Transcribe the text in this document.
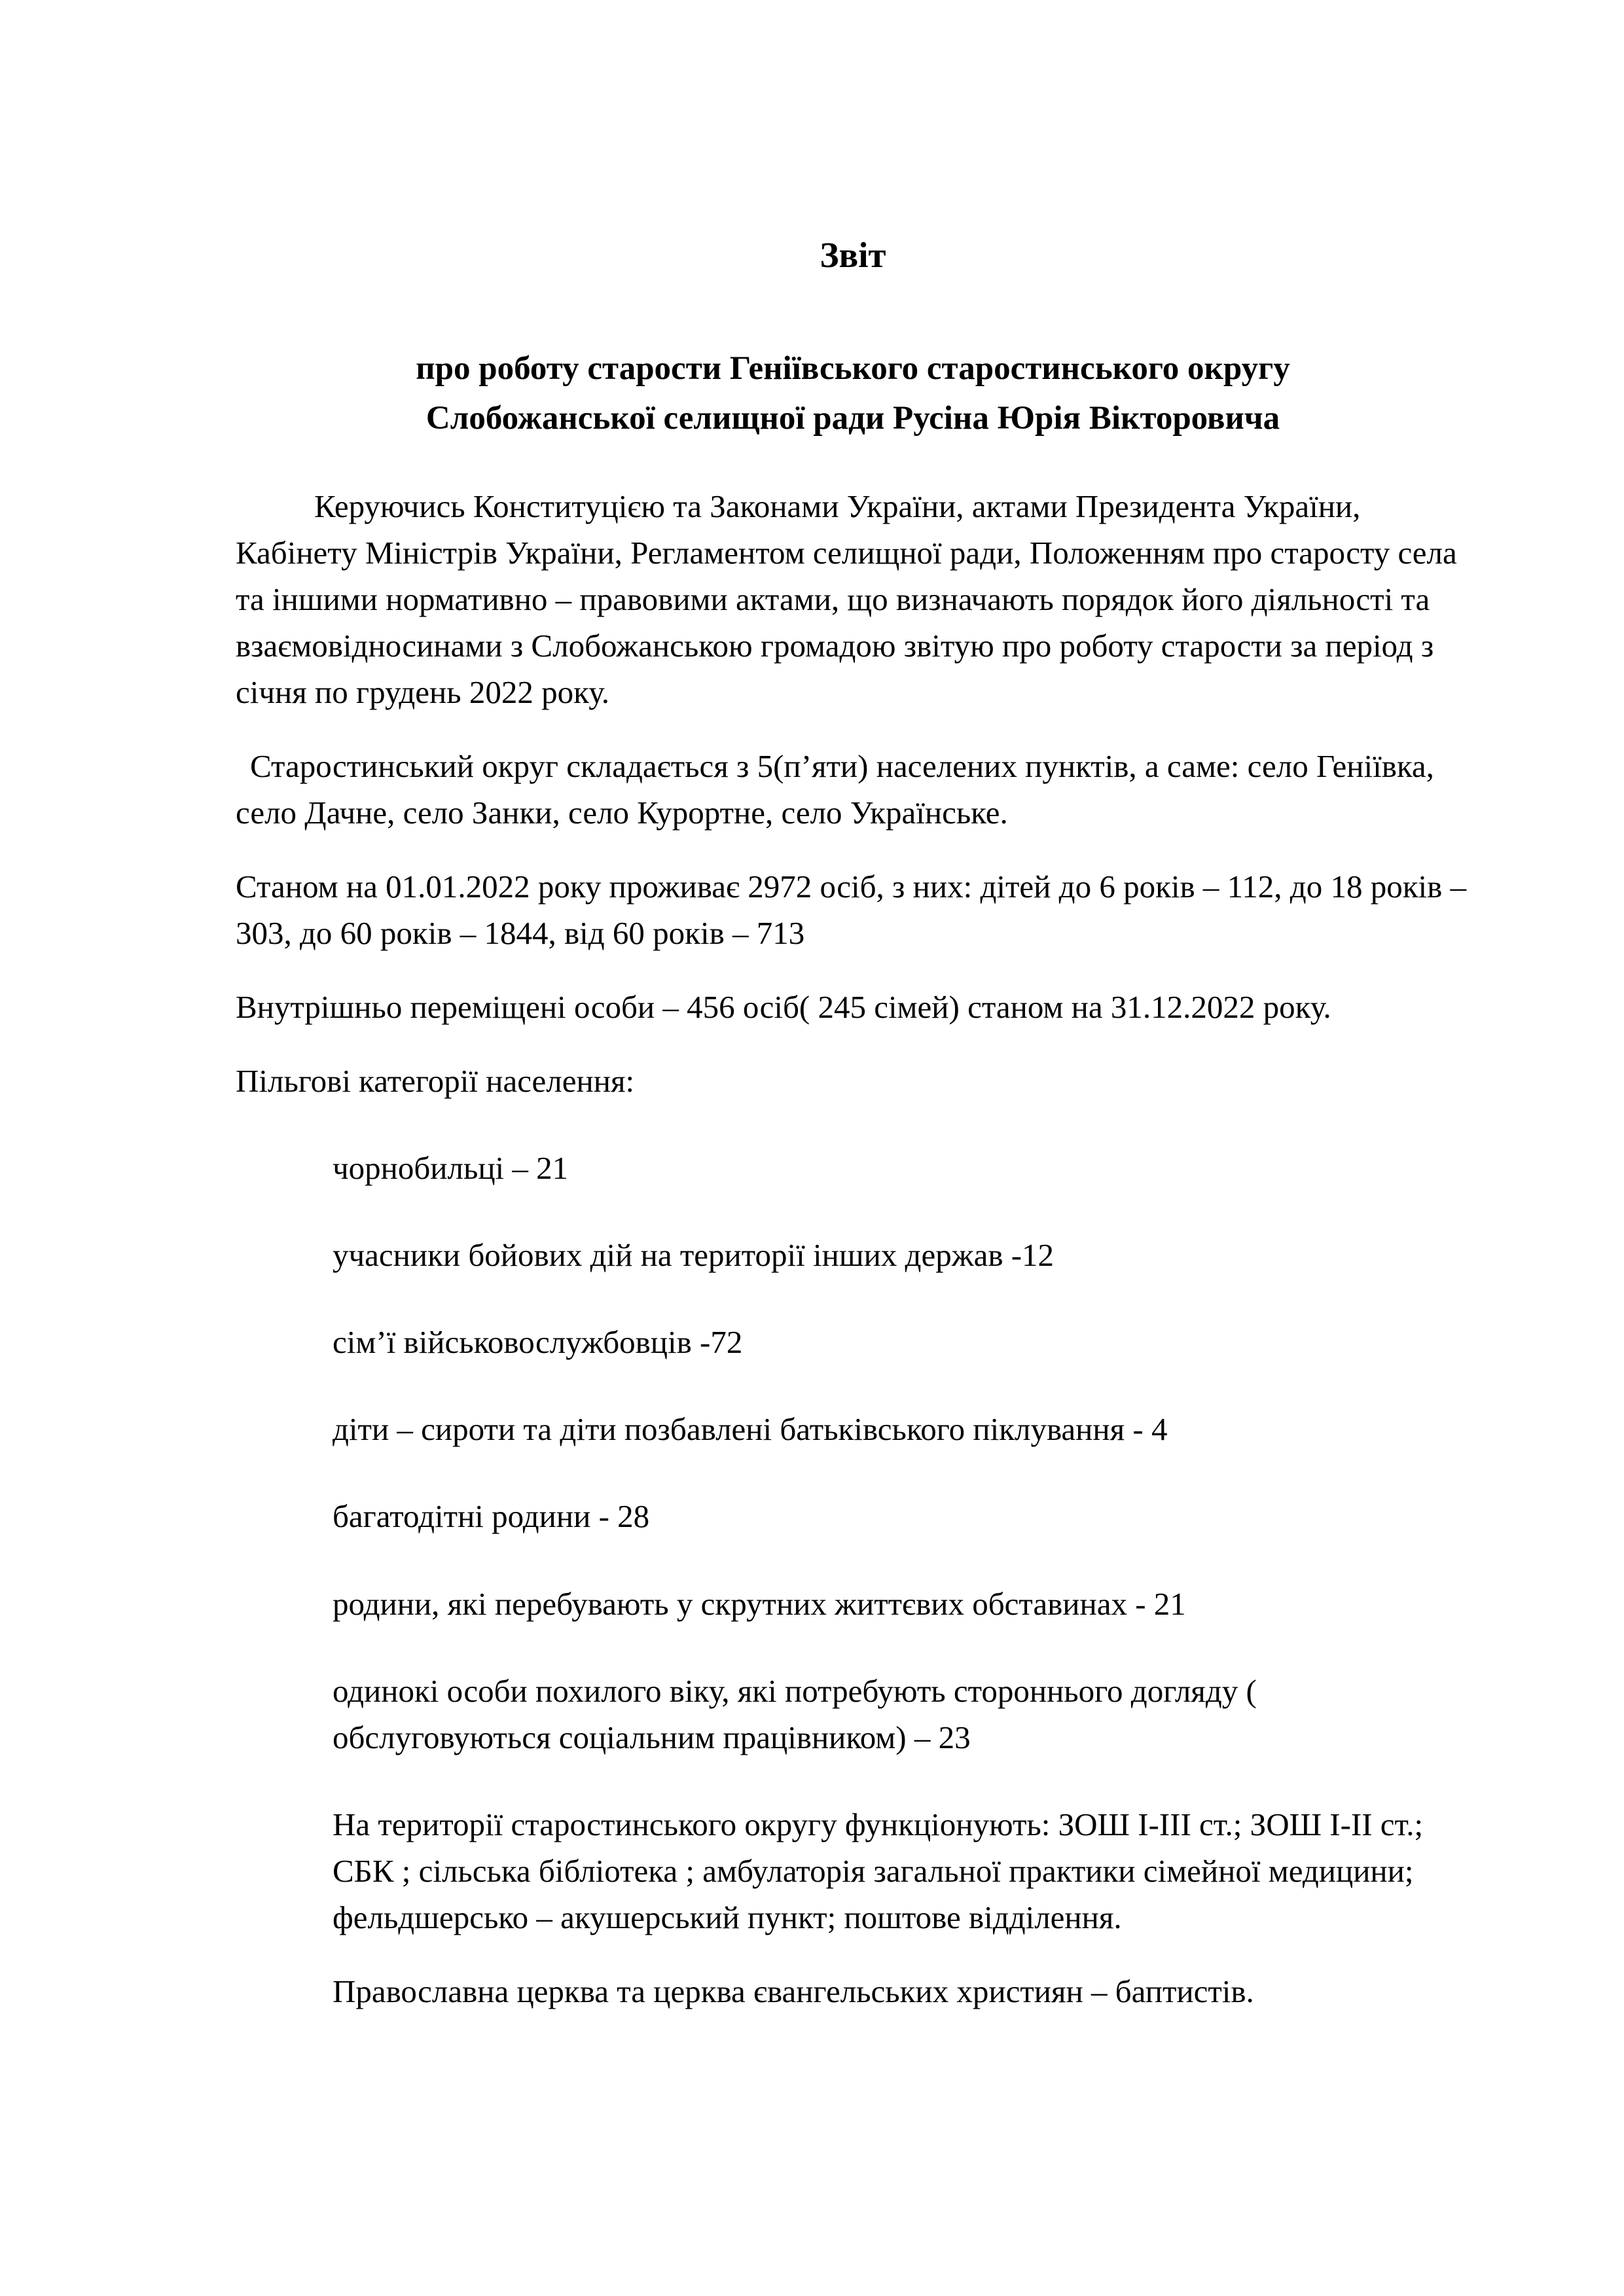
Звіт
про роботу старости Геніївського старостинського округу
Слобожанської селищної ради Русіна Юрія Вікторовича

Керуючись Конституцією та Законами України, актами Президента України, Кабінету Міністрів України, Регламентом селищної ради, Положенням про старосту села та іншими нормативно – правовими актами, що визначають порядок його діяльності та взаємовідносинами з Слобожанською громадою звітую про роботу старости за період з січня по грудень 2022 року.

Старостинський округ складається з 5(п’яти) населених пунктів, а саме: село Геніївка, село Дачне, село Занки, село Курортне, село Українське.

Станом на 01.01.2022 року проживає 2972 осіб, з них: дітей до 6 років – 112, до 18 років – 303, до 60 років – 1844, від 60 років – 713

Внутрішньо переміщені особи – 456 осіб( 245 сімей) станом на 31.12.2022 року.

Пільгові категорії населення:

чорнобильці – 21
учасники бойових дій на території інших держав -12
сім’ї військовослужбовців -72
діти – сироти та діти позбавлені батьківського піклування - 4
багатодітні родини - 28
родини, які перебувають у скрутних життєвих обставинах - 21
одинокі особи похилого віку, які потребують стороннього догляду ( обслуговуються соціальним працівником) – 23

На території старостинського округу функціонують: ЗОШ І-ІІІ ст.; ЗОШ І-ІІ ст.; СБК ; сільська бібліотека ; амбулаторія загальної практики сімейної медицини; фельдшерсько – акушерський пункт; поштове відділення.

Православна церква та церква євангельських християн – баптистів.
